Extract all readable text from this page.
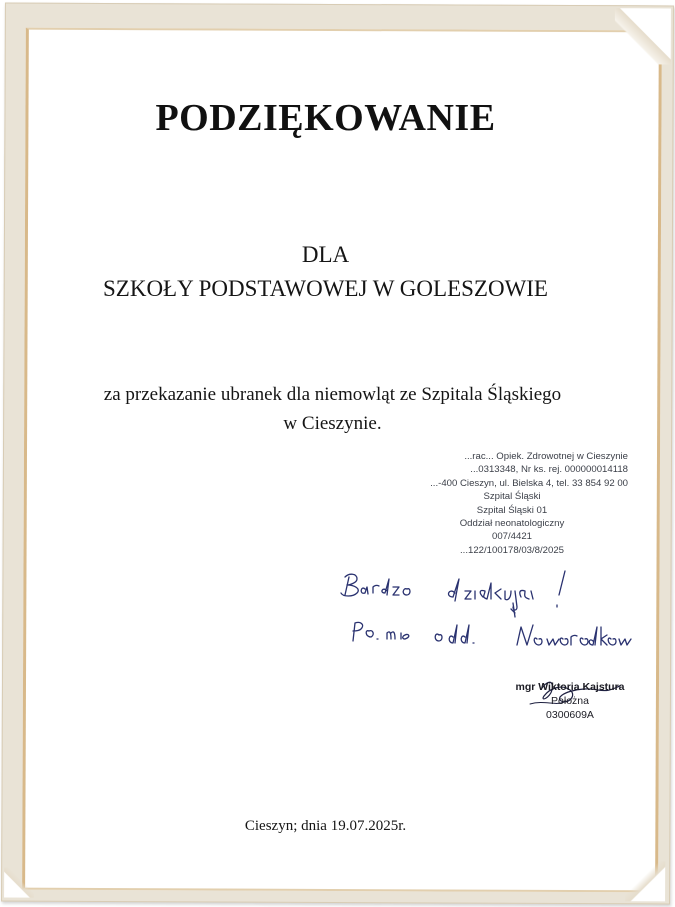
PODZIĘKOWANIE
DLA
SZKOŁY PODSTAWOWEJ W GOLESZOWIE
za przekazanie ubranek dla niemowląt ze Szpitala Śląskiego
w Cieszynie.
...rac... Opiek. Zdrowotnej w Cieszynie
...0313348, Nr ks. rej. 000000014118
...-400 Cieszyn, ul. Bielska 4, tel. 33 854 92 00
Szpital Śląski
Szpital Śląski 01
Oddział neonatologiczny
007/4421
...122/100178/03/8/2025
mgr Wiktoria Kajstura
Położna
0300609A
Cieszyn; dnia 19.07.2025r.
